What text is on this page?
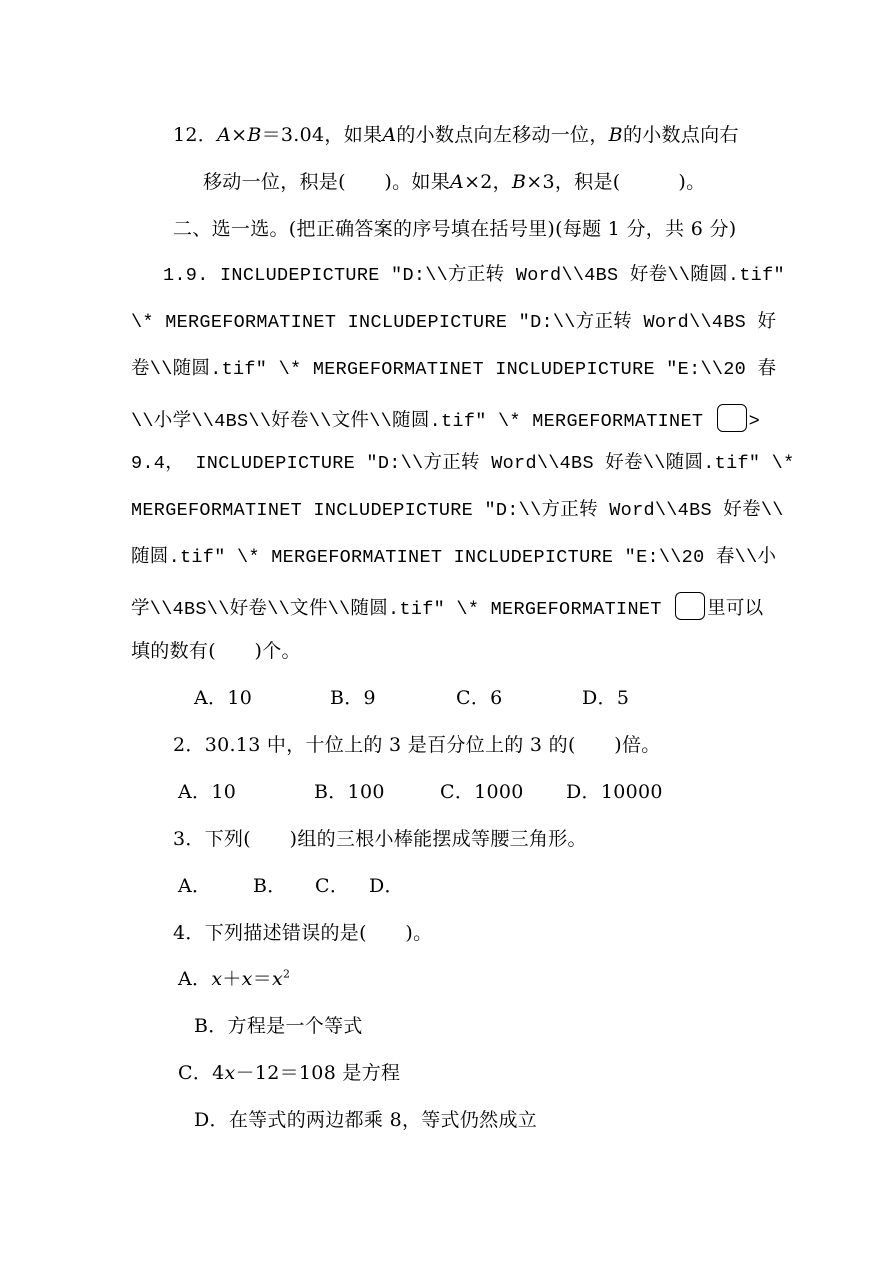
12．A×B＝3.04，如果A的小数点向左移动一位，B的小数点向右
移动一位，积是(　　)。如果A×2，B×3，积是(　　　)。
二、选一选。(把正确答案的序号填在括号里)(每题 1 分，共 6 分)
1.9. INCLUDEPICTURE "D:\\方正转 Word\\4BS 好卷\\随圆.tif"
\* MERGEFORMATINET INCLUDEPICTURE "D:\\方正转 Word\\4BS 好
卷\\随圆.tif" \* MERGEFORMATINET INCLUDEPICTURE "E:\\20 春
\\小学\\4BS\\好卷\\文件\\随圆.tif" \* MERGEFORMATINET >
9.4， INCLUDEPICTURE "D:\\方正转 Word\\4BS 好卷\\随圆.tif" \*
MERGEFORMATINET INCLUDEPICTURE "D:\\方正转 Word\\4BS 好卷\\
随圆.tif" \* MERGEFORMATINET INCLUDEPICTURE "E:\\20 春\\小
学\\4BS\\好卷\\文件\\随圆.tif" \* MERGEFORMATINET 里可以
填的数有(　　)个。
A．10	B．9	C．6	D．5
2．30.13 中，十位上的 3 是百分位上的 3 的(　　)倍。
A．10	B．100	C．1000 D．10000
3．下列(　　)组的三根小棒能摆成等腰三角形。
A． B． C． D．
4．下列描述错误的是(　　)。
A．$x+x=x^2$
B．方程是一个等式
C．4x－12＝108 是方程
D．在等式的两边都乘 8，等式仍然成立
